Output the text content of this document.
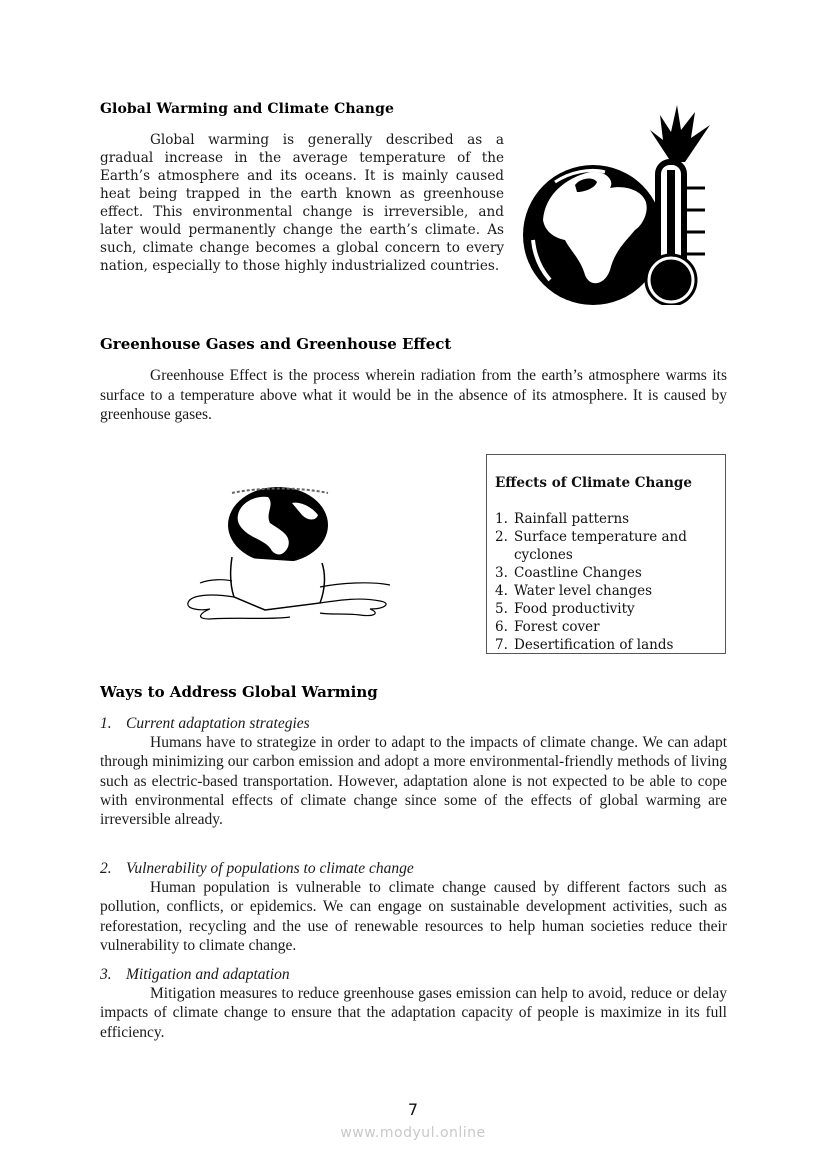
Global Warming and Climate Change

Global warming is generally described as a gradual increase in the average temperature of the Earth’s atmosphere and its oceans. It is mainly caused heat being trapped in the earth known as greenhouse effect. This environmental change is irreversible, and later would permanently change the earth’s climate. As such, climate change becomes a global concern to every nation, especially to those highly industrialized countries.

Greenhouse Gases and Greenhouse Effect

Greenhouse Effect is the process wherein radiation from the earth’s atmosphere warms its surface to a temperature above what it would be in the absence of its atmosphere. It is caused by greenhouse gases.

Effects of Climate Change
1. Rainfall patterns
2. Surface temperature and cyclones
3. Coastline Changes
4. Water level changes
5. Food productivity
6. Forest cover
7. Desertification of lands
Ways to Address Global Warming
1. Current adaptation strategies

Humans have to strategize in order to adapt to the impacts of climate change. We can adapt through minimizing our carbon emission and adopt a more environmental-friendly methods of living such as electric-based transportation. However, adaptation alone is not expected to be able to cope with environmental effects of climate change since some of the effects of global warming are irreversible already.

2. Vulnerability of populations to climate change

Human population is vulnerable to climate change caused by different factors such as pollution, conflicts, or epidemics. We can engage on sustainable development activities, such as reforestation, recycling and the use of renewable resources to help human societies reduce their vulnerability to climate change.

3. Mitigation and adaptation

Mitigation measures to reduce greenhouse gases emission can help to avoid, reduce or delay impacts of climate change to ensure that the adaptation capacity of people is maximize in its full efficiency.

7
www.modyul.online
